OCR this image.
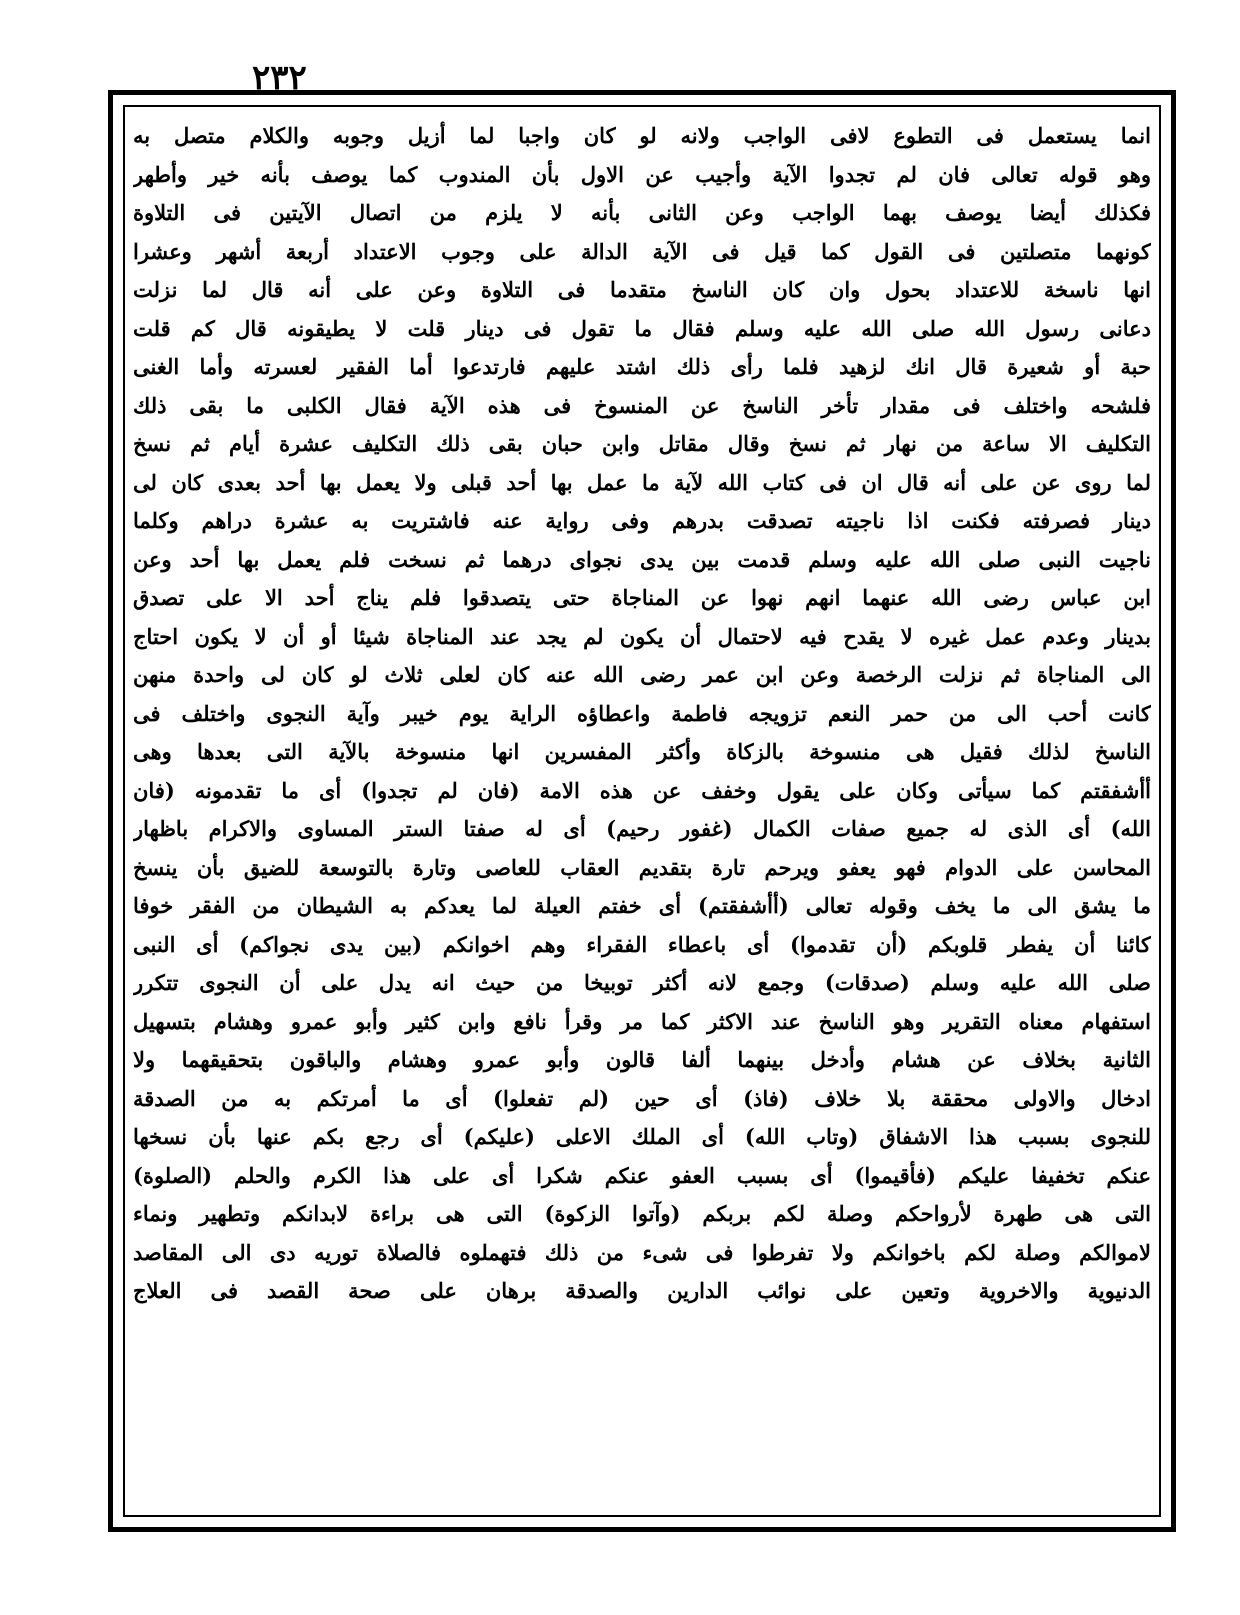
٢٣٢
انما يستعمل فى التطوع لافى الواجب ولانه لو كان واجبا لما أزيل وجوبه والكلام متصل به
وهو قوله تعالى فان لم تجدوا الآية وأجيب عن الاول بأن المندوب كما يوصف بأنه خير وأطهر
فكذلك أيضا يوصف بهما الواجب وعن الثانى بأنه لا يلزم من اتصال الآيتين فى التلاوة
كونهما متصلتين فى القول كما قيل فى الآية الدالة على وجوب الاعتداد أربعة أشهر وعشرا
انها ناسخة للاعتداد بحول وان كان الناسخ متقدما فى التلاوة وعن على أنه قال لما نزلت
دعانى رسول الله صلى الله عليه وسلم فقال ما تقول فى دينار قلت لا يطيقونه قال كم قلت
حبة أو شعيرة قال انك لزهيد فلما رأى ذلك اشتد عليهم فارتدعوا أما الفقير لعسرته وأما الغنى
فلشحه واختلف فى مقدار تأخر الناسخ عن المنسوخ فى هذه الآية فقال الكلبى ما بقى ذلك
التكليف الا ساعة من نهار ثم نسخ وقال مقاتل وابن حبان بقى ذلك التكليف عشرة أيام ثم نسخ
لما روى عن على أنه قال ان فى كتاب الله لآية ما عمل بها أحد قبلى ولا يعمل بها أحد بعدى كان لى
دينار فصرفته فكنت اذا ناجيته تصدقت بدرهم وفى رواية عنه فاشتريت به عشرة دراهم وكلما
ناجيت النبى صلى الله عليه وسلم قدمت بين يدى نجواى درهما ثم نسخت فلم يعمل بها أحد وعن
ابن عباس رضى الله عنهما انهم نهوا عن المناجاة حتى يتصدقوا فلم يناج أحد الا على تصدق
بدينار وعدم عمل غيره لا يقدح فيه لاحتمال أن يكون لم يجد عند المناجاة شيئا أو أن لا يكون احتاج
الى المناجاة ثم نزلت الرخصة وعن ابن عمر رضى الله عنه كان لعلى ثلاث لو كان لى واحدة منهن
كانت أحب الى من حمر النعم تزويجه فاطمة واعطاؤه الراية يوم خيبر وآية النجوى واختلف فى
الناسخ لذلك فقيل هى منسوخة بالزكاة وأكثر المفسرين انها منسوخة بالآية التى بعدها وهى
أأشفقتم كما سيأتى وكان على يقول وخفف عن هذه الامة (فان لم تجدوا) أى ما تقدمونه (فان
الله) أى الذى له جميع صفات الكمال (غفور رحيم) أى له صفتا الستر المساوى والاكرام باظهار
المحاسن على الدوام فهو يعفو ويرحم تارة بتقديم العقاب للعاصى وتارة بالتوسعة للضيق بأن ينسخ
ما يشق الى ما يخف وقوله تعالى (أأشفقتم) أى خفتم العيلة لما يعدكم به الشيطان من الفقر خوفا
كائنا أن يفطر قلوبكم (أن تقدموا) أى باعطاء الفقراء وهم اخوانكم (بين يدى نجواكم) أى النبى
صلى الله عليه وسلم (صدقات) وجمع لانه أكثر توبيخا من حيث انه يدل على أن النجوى تتكرر
استفهام معناه التقرير وهو الناسخ عند الاكثر كما مر وقرأ نافع وابن كثير وأبو عمرو وهشام بتسهيل
الثانية بخلاف عن هشام وأدخل بينهما ألفا قالون وأبو عمرو وهشام والباقون بتحقيقهما ولا
ادخال والاولى محققة بلا خلاف (فاذ) أى حين (لم تفعلوا) أى ما أمرتكم به من الصدقة
للنجوى بسبب هذا الاشفاق (وتاب الله) أى الملك الاعلى (عليكم) أى رجع بكم عنها بأن نسخها
عنكم تخفيفا عليكم (فأقيموا) أى بسبب العفو عنكم شكرا أى على هذا الكرم والحلم (الصلوة)
التى هى طهرة لأرواحكم وصلة لكم بربكم (وآتوا الزكوة) التى هى براءة لابدانكم وتطهير ونماء
لاموالكم وصلة لكم باخوانكم ولا تفرطوا فى شىء من ذلك فتهملوه فالصلاة توريه دى الى المقاصد
الدنيوية والاخروية وتعين على نوائب الدارين والصدقة برهان على صحة القصد فى العلاج
